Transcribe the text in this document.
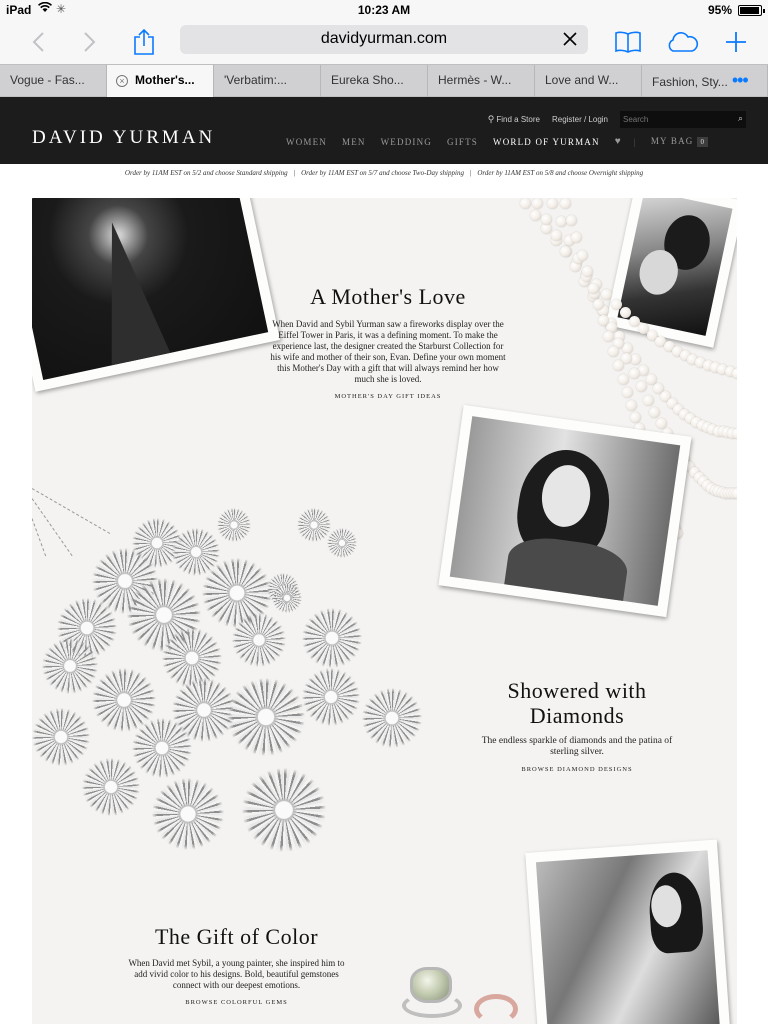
iPad ✳	10:23 AM	95%
davidyurman.com
Vogue - Fas...	× Mother's...	'Verbatim:...	Eureka Sho...	Hermès - W...	Love and W...	Fashion, Sty... •••
⚲ Find a Store Register / Login
Search	⌕
DAVID YURMAN	WOMEN MEN WEDDING GIFTS WORLD OF YURMAN ♥ | MY BAG 0
Order by 11AM EST on 5/2 and choose Standard shipping | Order by 11AM EST on 5/7 and choose Two-Day shipping | Order by 11AM EST on 5/8 and choose Overnight shipping
A Mother's Love

When David and Sybil Yurman saw a fireworks display over the Eiffel Tower in Paris, it was a defining moment. To make the experience last, the designer created the Starburst Collection for his wife and mother of their son, Evan. Define your own moment this Mother's Day with a gift that will always remind her how much she is loved.

MOTHER'S DAY GIFT IDEAS
Showered with
Diamonds

The endless sparkle of diamonds and the patina of sterling silver.

BROWSE DIAMOND DESIGNS
The Gift of Color

When David met Sybil, a young painter, she inspired him to add vivid color to his designs. Bold, beautiful gemstones connect with our deepest emotions.

BROWSE COLORFUL GEMS
